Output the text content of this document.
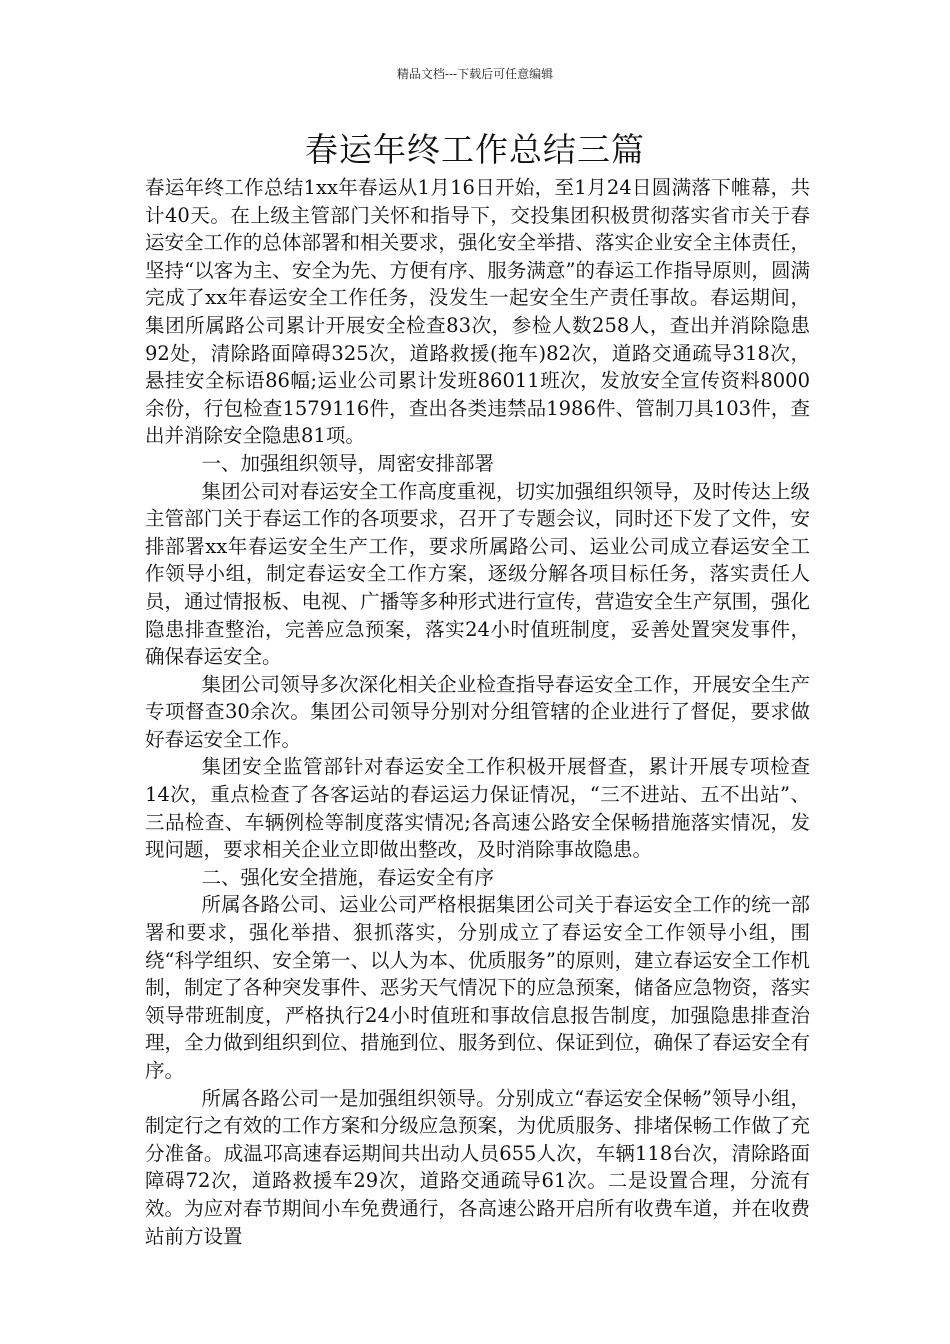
精品文档---下载后可任意编辑
春运年终工作总结三篇

春运年终工作总结1xx年春运从1月16日开始，至1月24日圆满落下帷幕，共计40天。在上级主管部门关怀和指导下，交投集团积极贯彻落实省市关于春运安全工作的总体部署和相关要求，强化安全举措、落实企业安全主体责任，坚持“以客为主、安全为先、方便有序、服务满意”的春运工作指导原则，圆满完成了xx年春运安全工作任务，没发生一起安全生产责任事故。春运期间，集团所属路公司累计开展安全检查83次，参检人数258人，查出并消除隐患92处，清除路面障碍325次，道路救援(拖车)82次，道路交通疏导318次，悬挂安全标语86幅;运业公司累计发班86011班次，发放安全宣传资料8000余份，行包检查1579116件，查出各类违禁品1986件、管制刀具103件，查出并消除安全隐患81项。

一、加强组织领导，周密安排部署

集团公司对春运安全工作高度重视，切实加强组织领导，及时传达上级主管部门关于春运工作的各项要求，召开了专题会议，同时还下发了文件，安排部署xx年春运安全生产工作，要求所属路公司、运业公司成立春运安全工作领导小组，制定春运安全工作方案，逐级分解各项目标任务，落实责任人员，通过情报板、电视、广播等多种形式进行宣传，营造安全生产氛围，强化隐患排查整治，完善应急预案，落实24小时值班制度，妥善处置突发事件，确保春运安全。

集团公司领导多次深化相关企业检查指导春运安全工作，开展安全生产专项督查30余次。集团公司领导分别对分组管辖的企业进行了督促，要求做好春运安全工作。

集团安全监管部针对春运安全工作积极开展督查，累计开展专项检查14次，重点检查了各客运站的春运运力保证情况，“三不进站、五不出站”、三品检查、车辆例检等制度落实情况;各高速公路安全保畅措施落实情况，发现问题，要求相关企业立即做出整改，及时消除事故隐患。

二、强化安全措施，春运安全有序

所属各路公司、运业公司严格根据集团公司关于春运安全工作的统一部署和要求，强化举措、狠抓落实，分别成立了春运安全工作领导小组，围绕“科学组织、安全第一、以人为本、优质服务”的原则，建立春运安全工作机制，制定了各种突发事件、恶劣天气情况下的应急预案，储备应急物资，落实领导带班制度，严格执行24小时值班和事故信息报告制度，加强隐患排查治理，全力做到组织到位、措施到位、服务到位、保证到位，确保了春运安全有序。

所属各路公司一是加强组织领导。分别成立“春运安全保畅”领导小组，制定行之有效的工作方案和分级应急预案，为优质服务、排堵保畅工作做了充分准备。成温邛高速春运期间共出动人员655人次，车辆118台次，清除路面障碍72次，道路救援车29次，道路交通疏导61次。二是设置合理，分流有效。为应对春节期间小车免费通行，各高速公路开启所有收费车道，并在收费站前方设置
